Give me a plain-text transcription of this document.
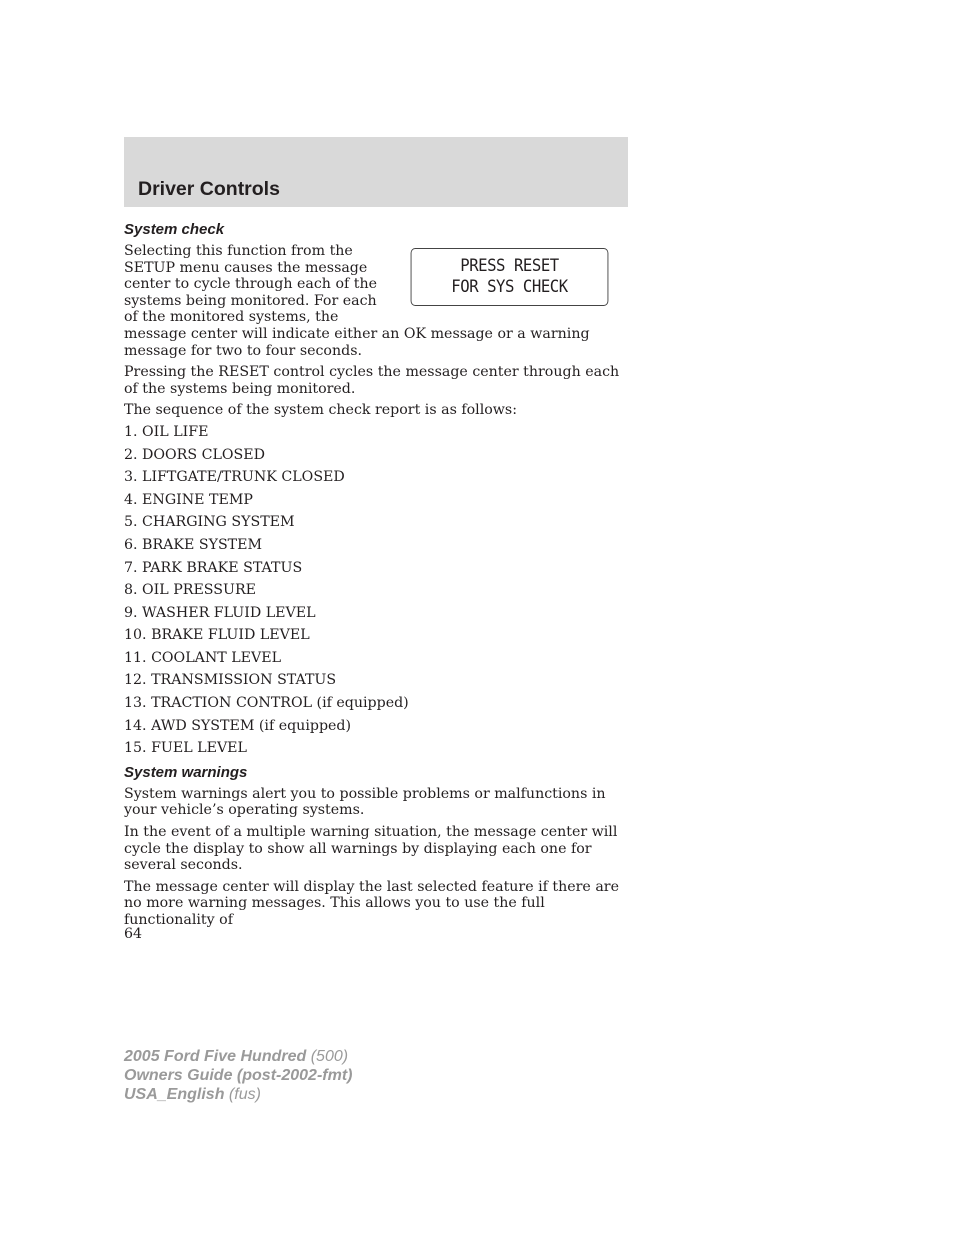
Driver Controls
System check
PRESS RESET
FOR SYS CHECK

Selecting this function from the SETUP menu causes the message center to cycle through each of the systems being monitored. For each of the monitored systems, the message center will indicate either an OK message or a warning message for two to four seconds.

Pressing the RESET control cycles the message center through each of the systems being monitored.

The sequence of the system check report is as follows:

1. OIL LIFE
2. DOORS CLOSED
3. LIFTGATE/TRUNK CLOSED
4. ENGINE TEMP
5. CHARGING SYSTEM
6. BRAKE SYSTEM
7. PARK BRAKE STATUS
8. OIL PRESSURE
9. WASHER FLUID LEVEL
10. BRAKE FLUID LEVEL
11. COOLANT LEVEL
12. TRANSMISSION STATUS
13. TRACTION CONTROL (if equipped)
14. AWD SYSTEM (if equipped)
15. FUEL LEVEL
System warnings

System warnings alert you to possible problems or malfunctions in your vehicle’s operating systems.

In the event of a multiple warning situation, the message center will cycle the display to show all warnings by displaying each one for several seconds.

The message center will display the last selected feature if there are no more warning messages. This allows you to use the full functionality of

64
2005 Ford Five Hundred (500)
Owners Guide (post-2002-fmt)
USA_English (fus)
